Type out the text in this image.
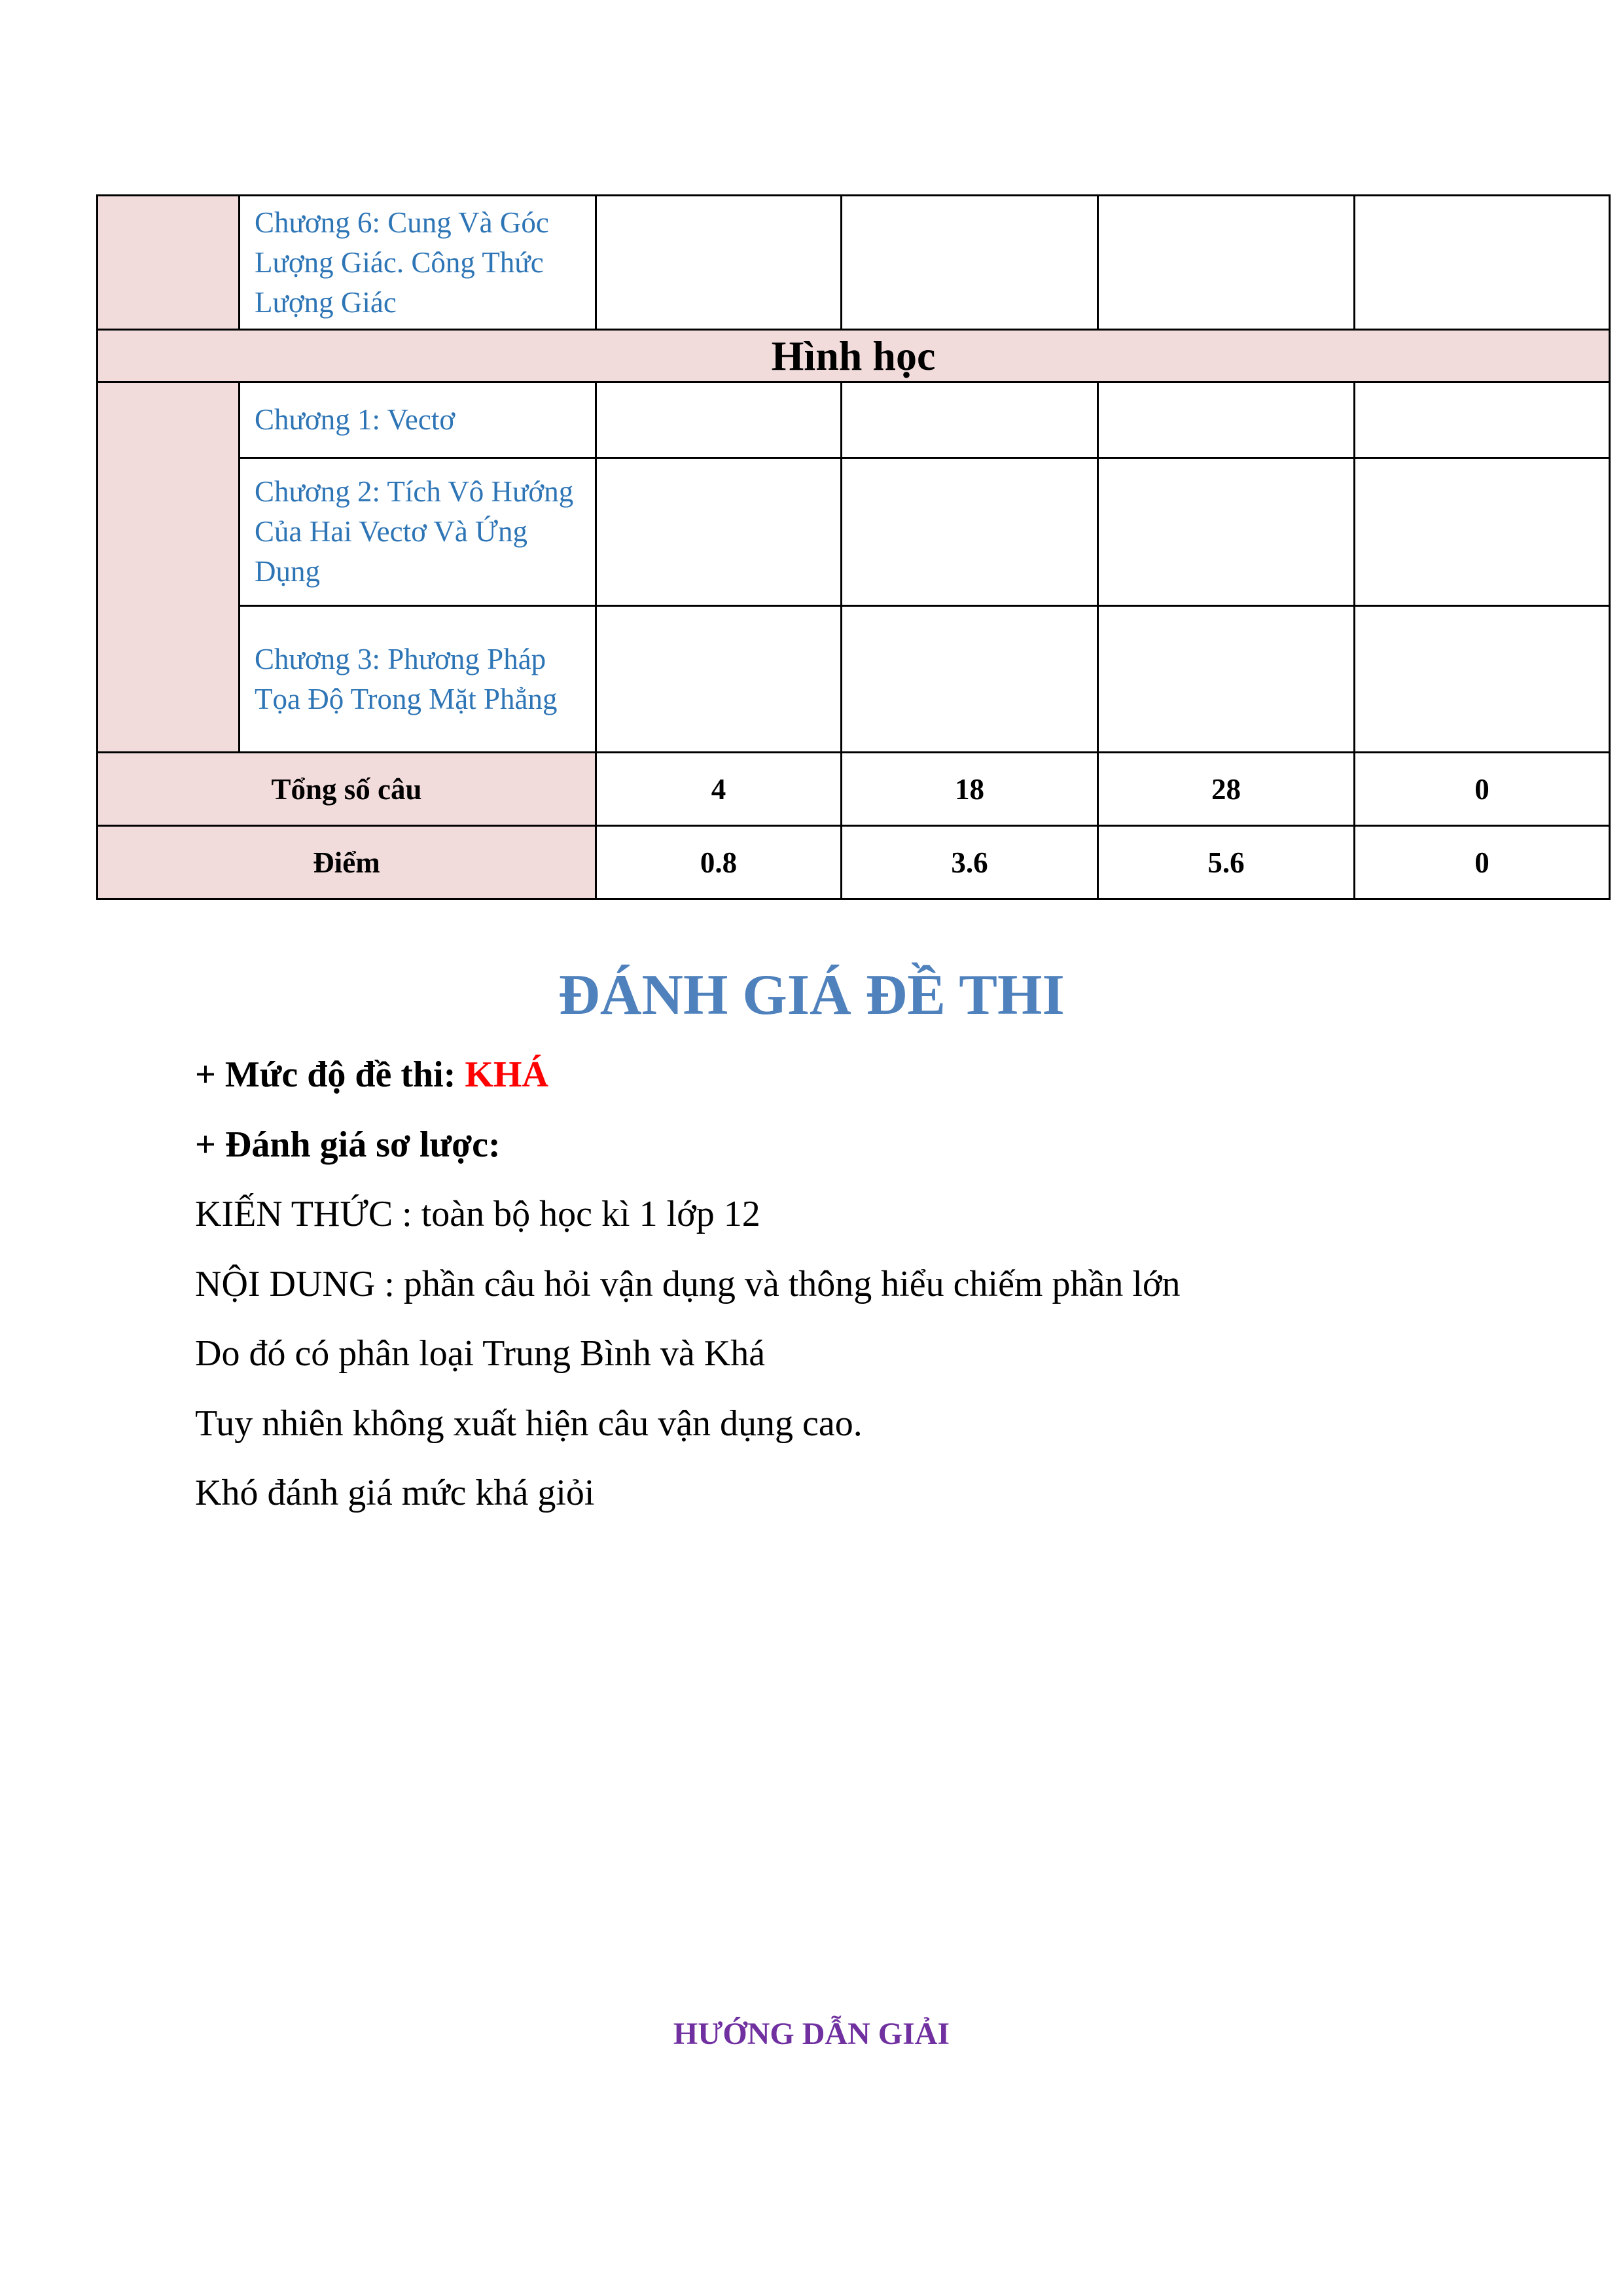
	Chương 6: Cung Và Góc Lượng Giác. Công Thức Lượng Giác				
Hình học					
	Chương 1: Vectơ				
	Chương 2: Tích Vô Hướng Của Hai Vectơ Và Ứng Dụng				
	Chương 3: Phương Pháp Tọa Độ Trong Mặt Phẳng				
Tổng số câu		4	18	28	0
Điểm		0.8	3.6	5.6	0
ĐÁNH GIÁ ĐỀ THI

+ Mức độ đề thi: KHÁ

+ Đánh giá sơ lược:

KIẾN THỨC : toàn bộ học kì 1 lớp 12

NỘI DUNG : phần câu hỏi vận dụng và thông hiểu chiếm phần lớn

Do đó có phân loại Trung Bình và Khá

Tuy nhiên không xuất hiện câu vận dụng cao.

Khó đánh giá mức khá giỏi

HƯỚNG DẪN GIẢI
